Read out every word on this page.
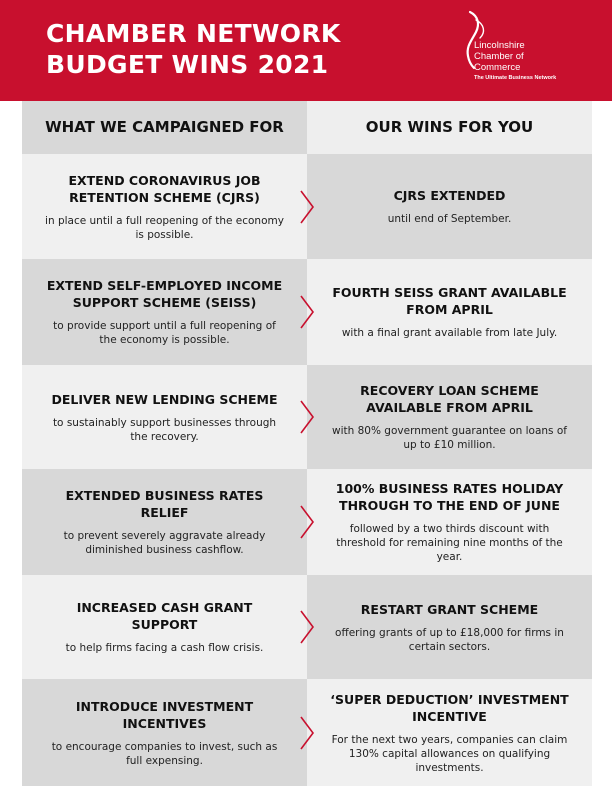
CHAMBER NETWORK
BUDGET WINS 2021
Lincolnshire
Chamber of
Commerce
The Ultimate Business Network
WHAT WE CAMPAIGNED FOR	OUR WINS FOR YOU
EXTEND CORONAVIRUS JOB RETENTION SCHEME (CJRS)

in place until a full reopening of the economy is possible.

CJRS EXTENDED

until end of September.

EXTEND SELF-EMPLOYED INCOME SUPPORT SCHEME (SEISS)

to provide support until a full reopening of the economy is possible.

FOURTH SEISS GRANT AVAILABLE FROM APRIL

with a final grant available from late July.

DELIVER NEW LENDING SCHEME

to sustainably support businesses through the recovery.

RECOVERY LOAN SCHEME AVAILABLE FROM APRIL

with 80% government guarantee on loans of up to £10 million.

EXTENDED BUSINESS RATES RELIEF

to prevent severely aggravate already diminished business cashflow.

100% BUSINESS RATES HOLIDAY THROUGH TO THE END OF JUNE

followed by a two thirds discount with threshold for remaining nine months of the year.

INCREASED CASH GRANT SUPPORT

to help firms facing a cash flow crisis.

RESTART GRANT SCHEME

offering grants of up to £18,000 for firms in certain sectors.

INTRODUCE INVESTMENT INCENTIVES

to encourage companies to invest, such as full expensing.

‘SUPER DEDUCTION’ INVESTMENT INCENTIVE

For the next two years, companies can claim 130% capital allowances on qualifying investments.
